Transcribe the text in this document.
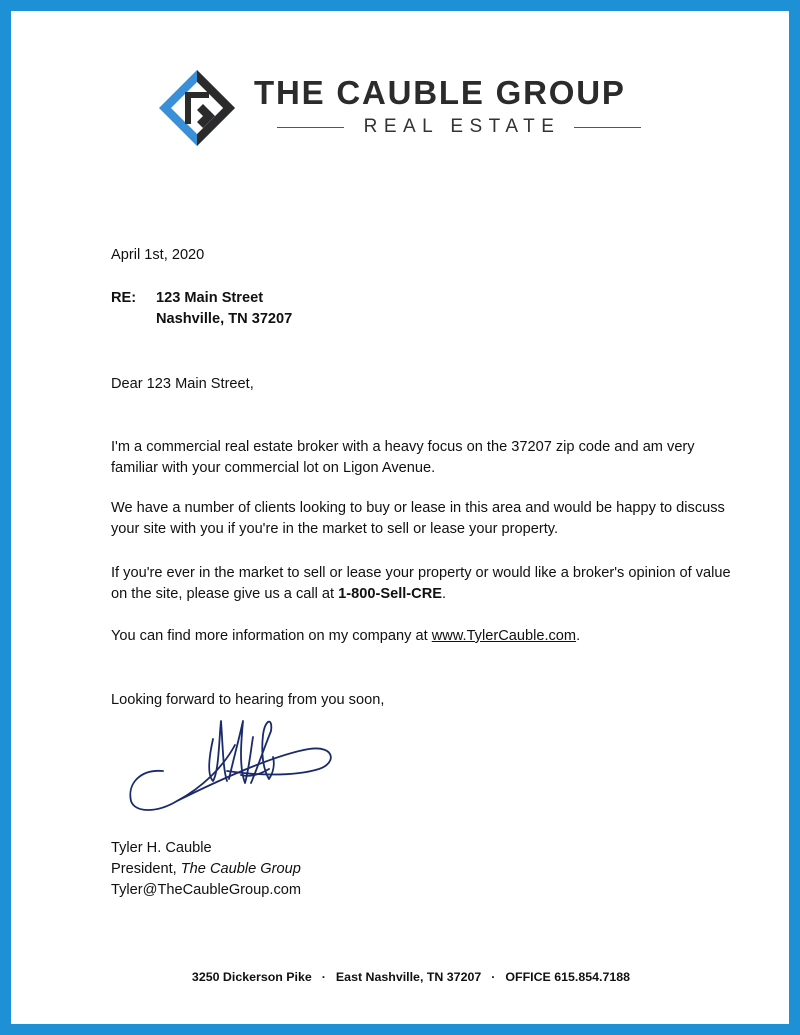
THE CAUBLE GROUP
REAL ESTATE
April 1st, 2020
RE: 123 Main Street
Nashville, TN 37207
Dear 123 Main Street,
I'm a commercial real estate broker with a heavy focus on the 37207 zip code and am very familiar with your commercial lot on Ligon Avenue.
We have a number of clients looking to buy or lease in this area and would be happy to discuss your site with you if you're in the market to sell or lease your property.
If you're ever in the market to sell or lease your property or would like a broker's opinion of value on the site, please give us a call at 1-800-Sell-CRE.
You can find more information on my company at www.TylerCauble.com.
Looking forward to hearing from you soon,
Tyler H. Cauble
President, The Cauble Group
Tyler@TheCaubleGroup.com
3250 Dickerson Pike · East Nashville, TN 37207 · OFFICE 615.854.7188
